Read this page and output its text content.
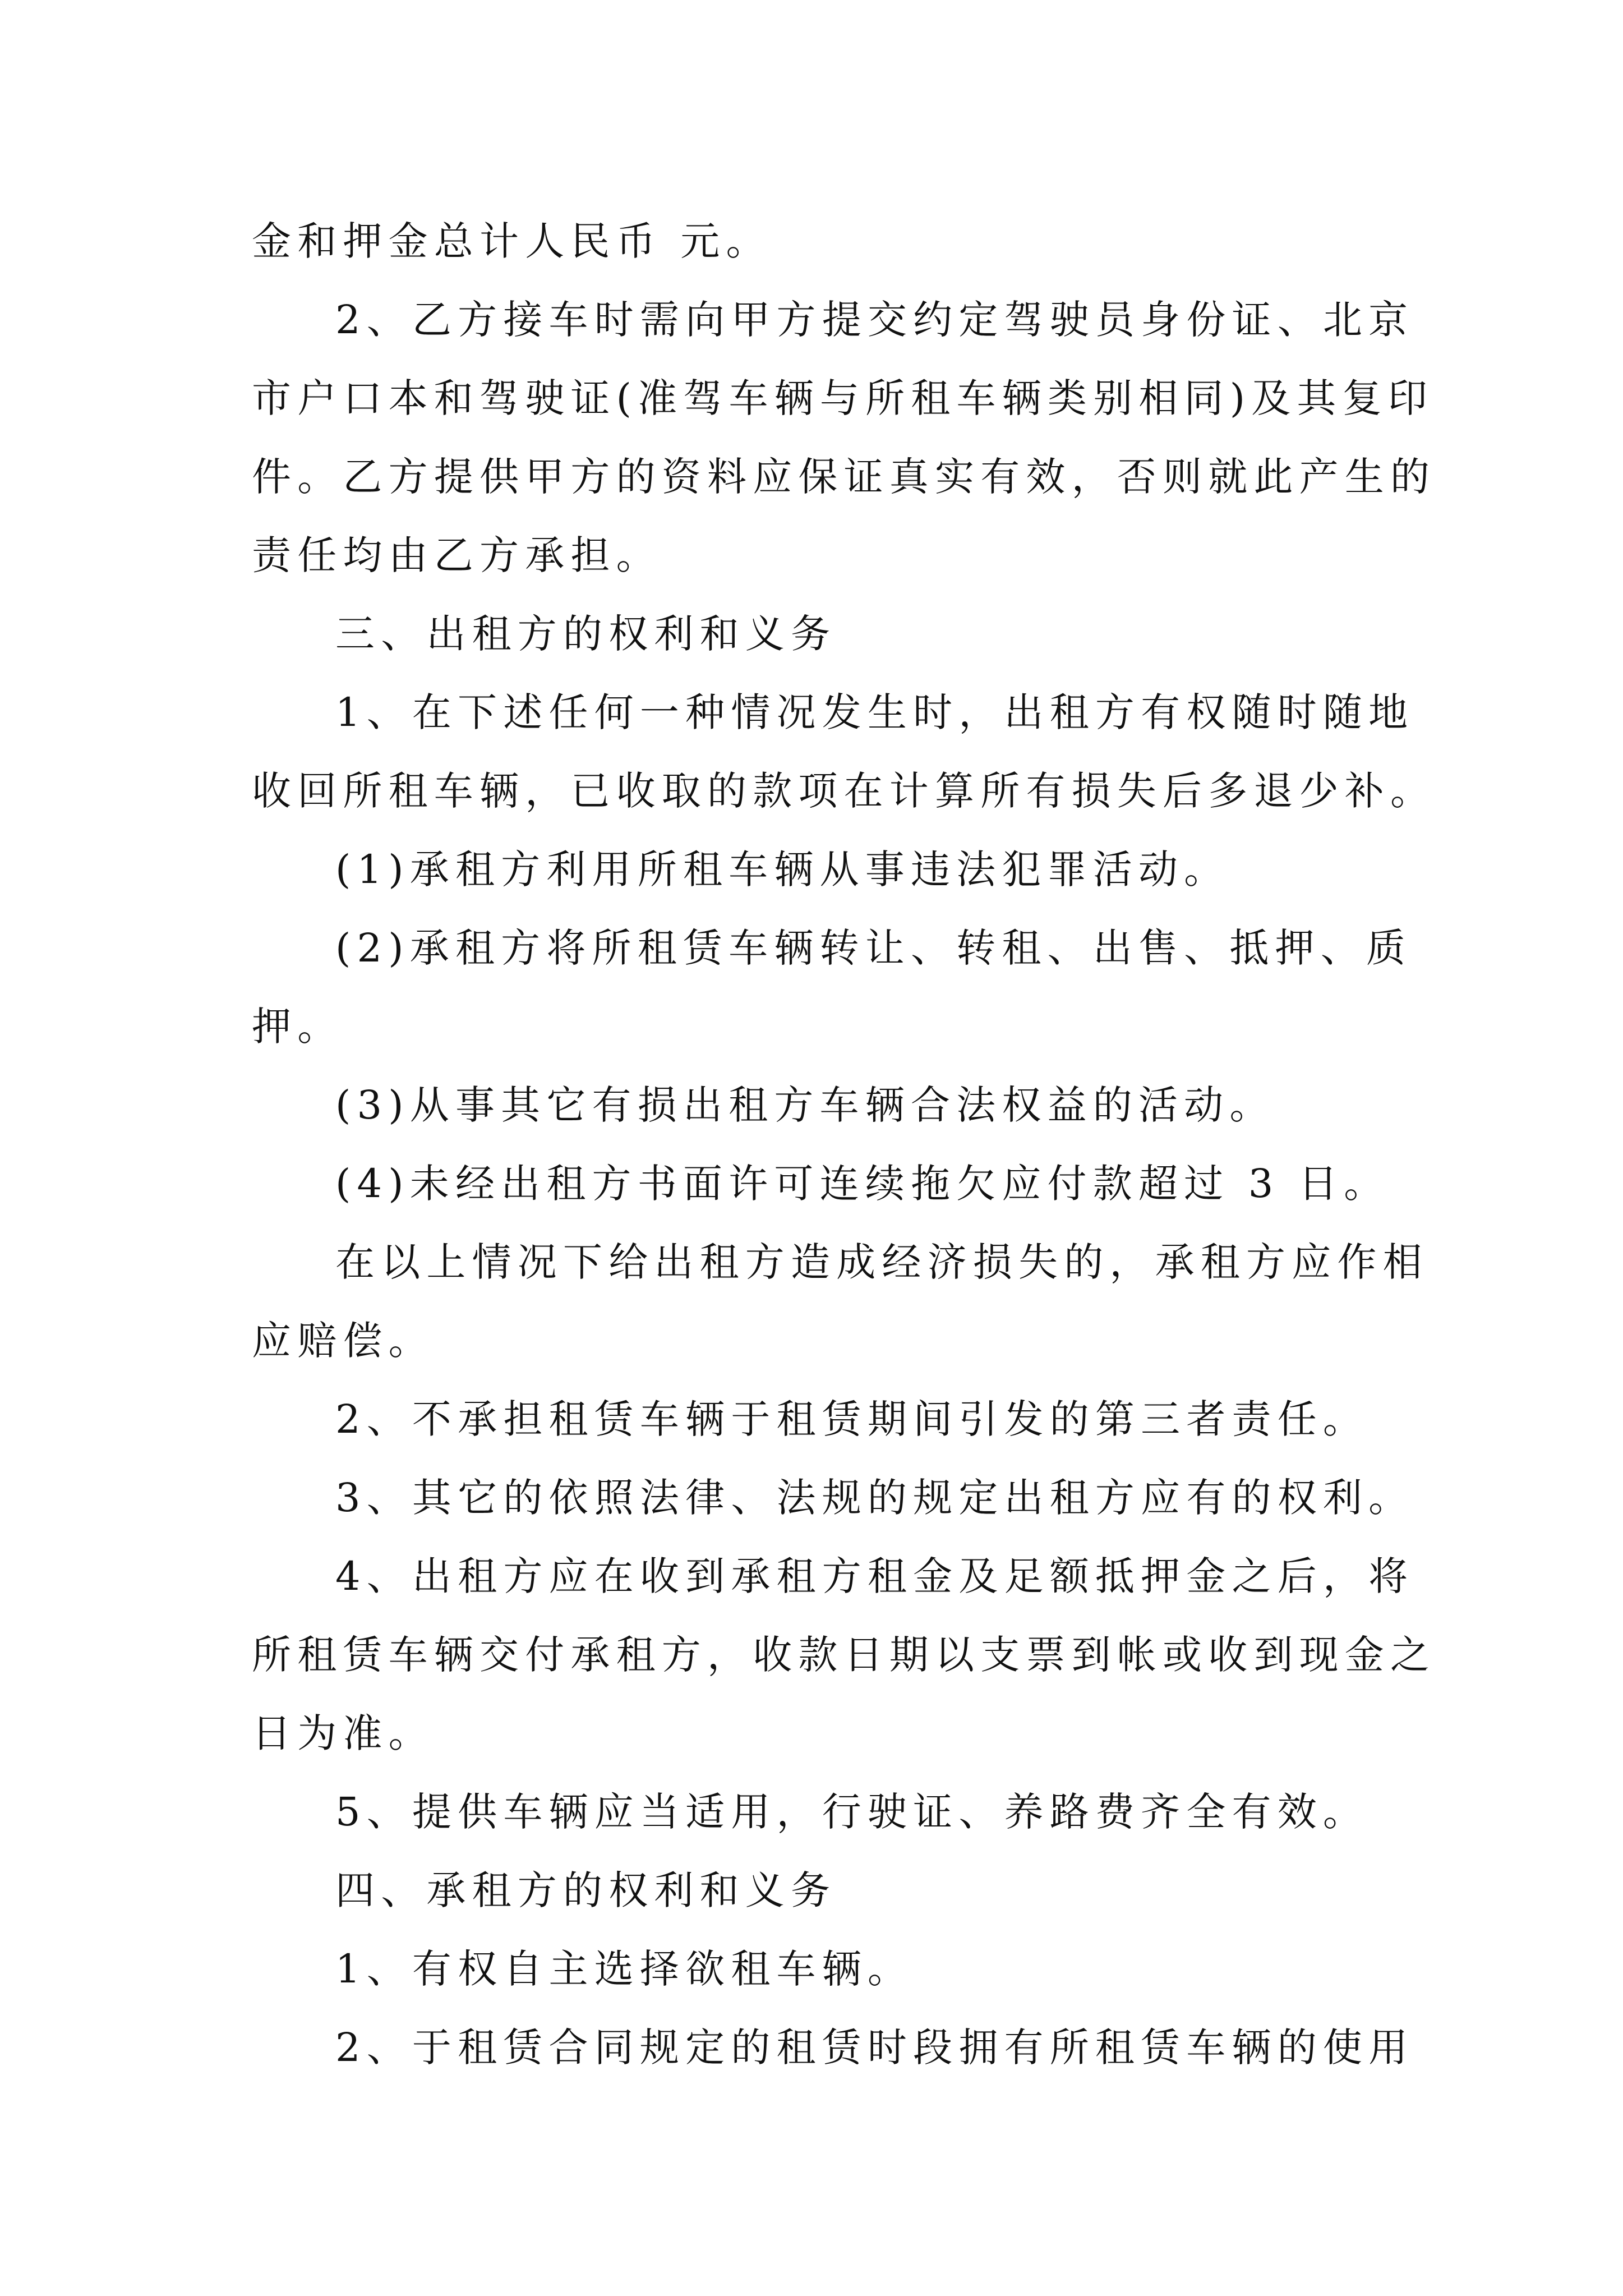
金和押金总计人民币 元。
2、乙方接车时需向甲方提交约定驾驶员身份证、北京
市户口本和驾驶证(准驾车辆与所租车辆类别相同)及其复印
件。乙方提供甲方的资料应保证真实有效，否则就此产生的
责任均由乙方承担。
三、出租方的权利和义务
1、在下述任何一种情况发生时，出租方有权随时随地
收回所租车辆，已收取的款项在计算所有损失后多退少补。
(1)承租方利用所租车辆从事违法犯罪活动。
(2)承租方将所租赁车辆转让、转租、出售、抵押、质
押。
(3)从事其它有损出租方车辆合法权益的活动。
(4)未经出租方书面许可连续拖欠应付款超过 3 日。
在以上情况下给出租方造成经济损失的，承租方应作相
应赔偿。
2、不承担租赁车辆于租赁期间引发的第三者责任。
3、其它的依照法律、法规的规定出租方应有的权利。
4、出租方应在收到承租方租金及足额抵押金之后，将
所租赁车辆交付承租方，收款日期以支票到帐或收到现金之
日为准。
5、提供车辆应当适用，行驶证、养路费齐全有效。
四、承租方的权利和义务
1、有权自主选择欲租车辆。
2、于租赁合同规定的租赁时段拥有所租赁车辆的使用
